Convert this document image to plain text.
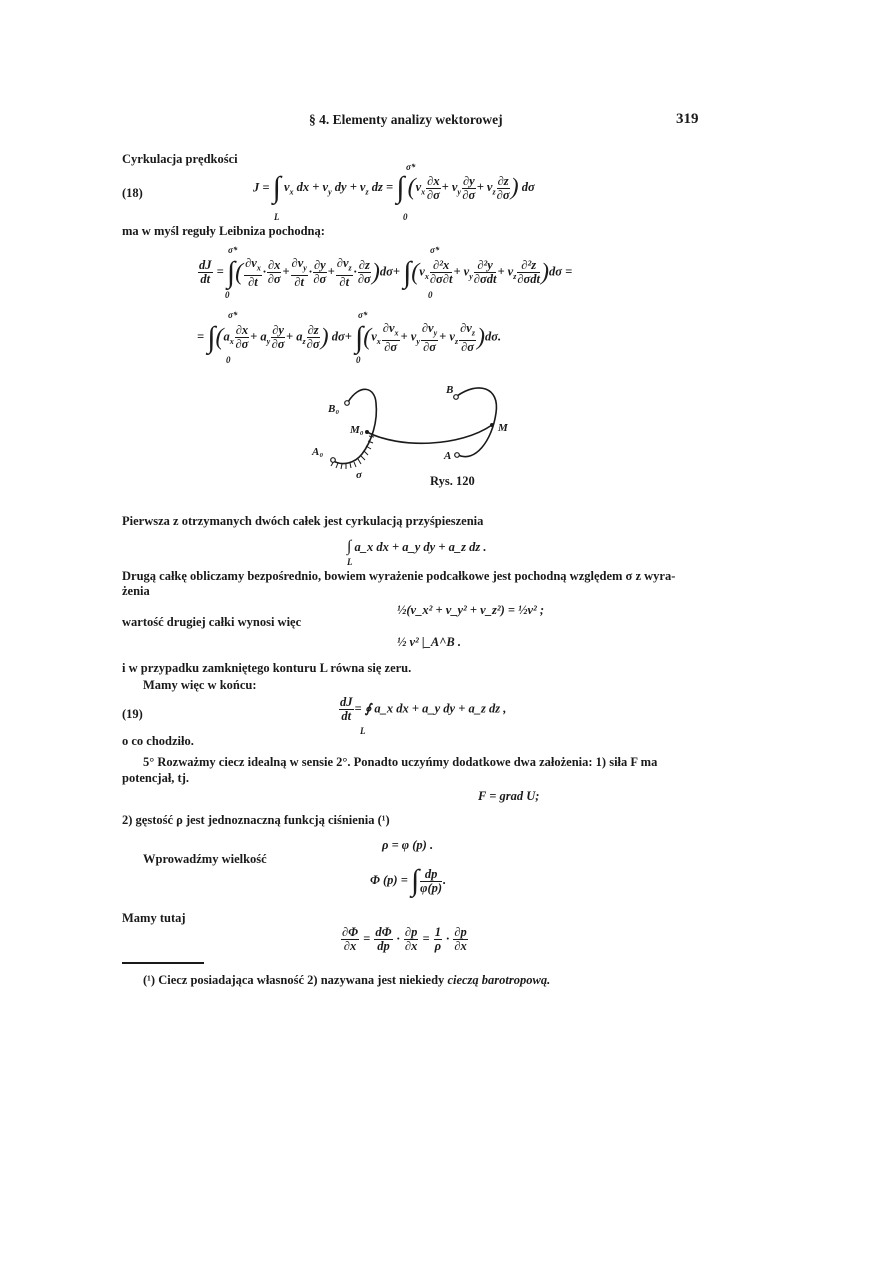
§ 4. Elementy analizy wektorowej	319
Cyrkulacja prędkości
(18)	J = ∫ $v_x$ dx + $v_y$ dy + $v_z$ dz = ∫ ($v_x \frac{\partial x}{\partial\sigma} + v_y \frac{\partial y}{\partial\sigma} + v_z \frac{\partial z}{\partial\sigma}$ ) dσ
L
σ*
0
ma w myśl reguły Leibniza pochodną:
$\frac{dJ}{dt}$ = ∫( $\frac{\partial v_x}{\partial t} \cdot \frac{\partial x}{\partial\sigma} + \frac{\partial v_y}{\partial t} \cdot \frac{\partial y}{\partial\sigma} + \frac{\partial v_z}{\partial t} \cdot \frac{\partial z}{\partial\sigma} )d\sigma+ \int(v_x \frac{\text{∂²x}}{\partial\sigma\partial t} + v_y \frac{\text{∂²y}}{\text{∂σdt}} + v_z \frac{\text{∂²z}}{\text{∂σdt}} )d\sigma$ =
σ*
0
σ*
0
= $\int(a_x \frac{\partial x}{\partial\sigma} + a_y \frac{\partial y}{\partial\sigma} + a_z \frac{\partial z}{\partial\sigma}$ ) $d\sigma+ \int(v_x \frac{\partial v_x}{\partial\sigma} + v_y \frac{\partial v_y}{\partial\sigma} + v_z \frac{\partial v_z}{\partial\sigma} )d\sigma$.
σ*
0
σ*
0
B₀
M₀
A₀
σ
B
M
A
Rys. 120
Pierwsza z otrzymanych dwóch całek jest cyrkulacją przyśpieszenia
∫ a_x dx + a_y dy + a_z dz .
L
Drugą całkę obliczamy bezpośrednio, bowiem wyrażenie podcałkowe jest pochodną względem σ z wyra-
żenia
½(v_x² + v_y² + v_z²) = ½v² ;
wartość drugiej całki wynosi więc
½ v² |_A^B .
i w przypadku zamkniętego konturu L równa się zeru.
Mamy więc w końcu:
(19)	$\frac{dJ}{dt}$ = ∮ a_x dx + a_y dy + a_z dz ,
L
o co chodziło.
5° Rozważmy ciecz idealną w sensie 2°. Ponadto uczyńmy dodatkowe dwa założenia: 1) siła F ma
potencjał, tj.
F = grad U;
2) gęstość ρ jest jednoznaczną funkcją ciśnienia (¹)
ρ = φ (p) .
Wprowadźmy wielkość
Φ (p) = ∫ $\frac{dp}{\varphi(p)}$ .
Mamy tutaj
$\frac{\partial\Phi}{\partial x} = \frac{d\Phi}{dp} \cdot \frac{\partial p}{\partial x} = \frac{1}{\rho} \cdot \frac{\partial p}{\partial x}$
(¹) Ciecz posiadająca własność 2) nazywana jest niekiedy cieczą barotropową.
